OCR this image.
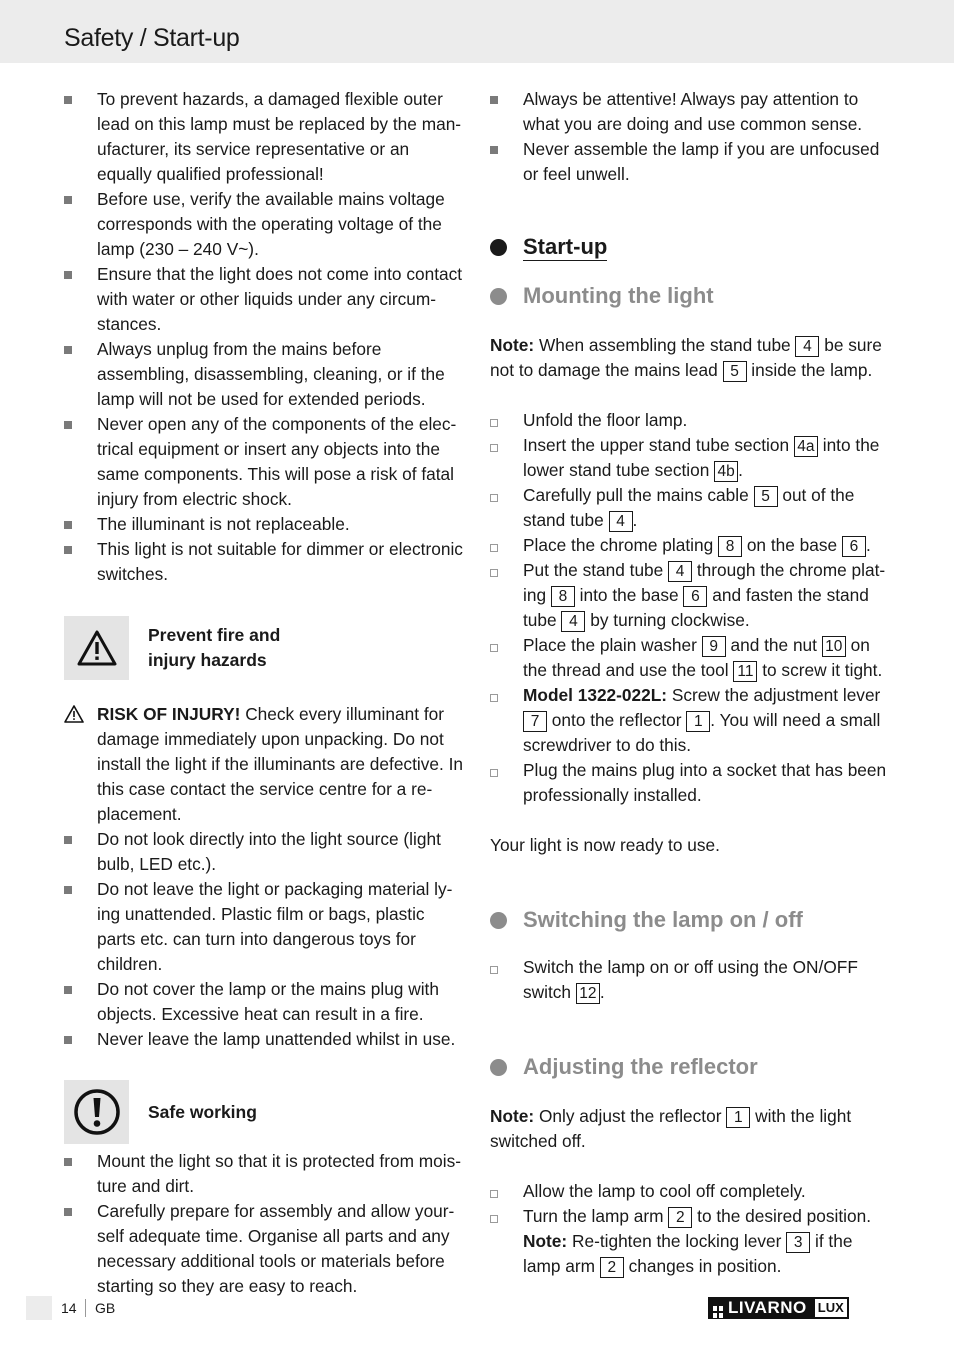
Safety / Start-up
To prevent hazards, a damaged flexible outer lead on this lamp must be replaced by the man-ufacturer, its service representative or an equally qualified professional!
Before use, verify the available mains voltage corresponds with the operating voltage of the lamp (230 – 240 V~).
Ensure that the light does not come into contact with water or other liquids under any circum-stances.
Always unplug from the mains before assembling, disassembling, cleaning, or if the lamp will not be used for extended periods.
Never open any of the components of the elec-trical equipment or insert any objects into the same components. This will pose a risk of fatal injury from electric shock.
The illuminant is not replaceable.
This light is not suitable for dimmer or electronic switches.
Prevent fire and
injury hazards
RISK OF INJURY! Check every illuminant for damage immediately upon unpacking. Do not install the light if the illuminants are defective. In this case contact the service centre for a re-placement.
Do not look directly into the light source (light bulb, LED etc.).
Do not leave the light or packaging material ly-ing unattended. Plastic film or bags, plastic parts etc. can turn into dangerous toys for children.
Do not cover the lamp or the mains plug with objects. Excessive heat can result in a fire.
Never leave the lamp unattended whilst in use.
Safe working
Mount the light so that it is protected from mois-ture and dirt.
Carefully prepare for assembly and allow your-self adequate time. Organise all parts and any necessary additional tools or materials before starting so they are easy to reach.
Always be attentive! Always pay attention to what you are doing and use common sense.
Never assemble the lamp if you are unfocused or feel unwell.
Start-up
Mounting the light

Note: When assembling the stand tube 4 be sure not to damage the mains lead 5 inside the lamp.

Unfold the floor lamp.
Insert the upper stand tube section 4a into the lower stand tube section 4b .
Carefully pull the mains cable 5 out of the stand tube 4 .
Place the chrome plating 8 on the base 6 .
Put the stand tube 4 through the chrome plat-ing 8 into the base 6 and fasten the stand tube 4 by turning clockwise.
Place the plain washer 9 and the nut 10 on the thread and use the tool 11 to screw it tight.
Model 1322-022L: Screw the adjustment lever 7 onto the reflector 1 . You will need a small screwdriver to do this.
Plug the mains plug into a socket that has been professionally installed.

Your light is now ready to use.

Switching the lamp on / off
Switch the lamp on or off using the ON/OFF switch 12 .
Adjusting the reflector

Note: Only adjust the reflector 1 with the light switched off.

Allow the lamp to cool off completely.
Turn the lamp arm 2 to the desired position.
Note: Re-tighten the locking lever 3 if the lamp arm 2 changes in position.
14 GB	LIVARNO LUX
